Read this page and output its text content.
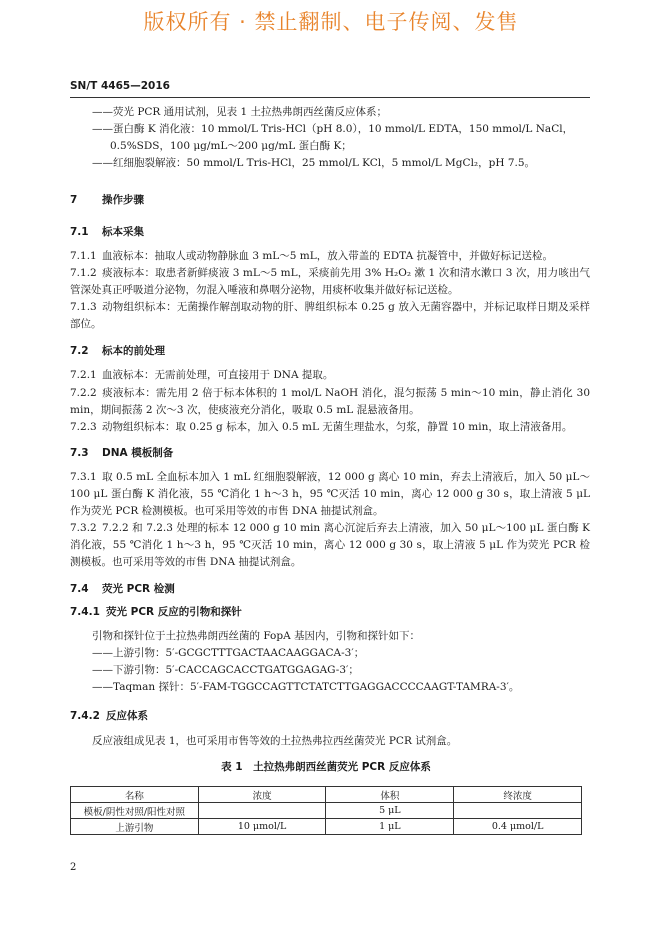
版权所有 · 禁止翻制、电子传阅、发售
SN/T 4465—2016
——荧光 PCR 通用试剂，见表 1 土拉热弗朗西丝菌反应体系；
——蛋白酶 K 消化液：10 mmol/L Tris-HCl（pH 8.0），10 mmol/L EDTA，150 mmol/L NaCl，
0.5%SDS，100 μg/mL～200 μg/mL 蛋白酶 K；
——红细胞裂解液：50 mmol/L Tris-HCl，25 mmol/L KCl，5 mmol/L MgCl₂，pH 7.5。
7 操作步骤
7.1 标本采集
7.1.1 血液标本：抽取人或动物静脉血 3 mL～5 mL，放入带盖的 EDTA 抗凝管中，并做好标记送检。
7.1.2 痰液标本：取患者新鲜痰液 3 mL～5 mL，采痰前先用 3% H₂O₂ 漱 1 次和清水漱口 3 次，用力咳出气管深处真正呼吸道分泌物，勿混入唾液和鼻咽分泌物，用痰杯收集并做好标记送检。
7.1.3 动物组织标本：无菌操作解剖取动物的肝、脾组织标本 0.25 g 放入无菌容器中，并标记取样日期及采样部位。
7.2 标本的前处理
7.2.1 血液标本：无需前处理，可直接用于 DNA 提取。
7.2.2 痰液标本：需先用 2 倍于标本体积的 1 mol/L NaOH 消化，混匀振荡 5 min～10 min，静止消化 30 min，期间振荡 2 次～3 次，使痰液充分消化，吸取 0.5 mL 混悬液备用。
7.2.3 动物组织标本：取 0.25 g 标本，加入 0.5 mL 无菌生理盐水，匀浆，静置 10 min，取上清液备用。
7.3 DNA 模板制备
7.3.1 取 0.5 mL 全血标本加入 1 mL 红细胞裂解液，12 000 g 离心 10 min，弃去上清液后，加入 50 μL～100 μL 蛋白酶 K 消化液，55 ℃消化 1 h～3 h，95 ℃灭活 10 min，离心 12 000 g 30 s，取上清液 5 μL 作为荧光 PCR 检测模板。也可采用等效的市售 DNA 抽提试剂盒。
7.3.2 7.2.2 和 7.2.3 处理的标本 12 000 g 10 min 离心沉淀后弃去上清液，加入 50 μL～100 μL 蛋白酶 K 消化液，55 ℃消化 1 h～3 h，95 ℃灭活 10 min，离心 12 000 g 30 s，取上清液 5 μL 作为荧光 PCR 检测模板。也可采用等效的市售 DNA 抽提试剂盒。
7.4 荧光 PCR 检测
7.4.1 荧光 PCR 反应的引物和探针
引物和探针位于土拉热弗朗西丝菌的 FopA 基因内，引物和探针如下：
——上游引物：5′-GCGCTTTGACTAACAAGGACA-3′；
——下游引物：5′-CACCAGCACCTGATGGAGAG-3′；
——Taqman 探针：5′-FAM-TGGCCAGTTCTATCTTGAGGACCCCAAGT-TAMRA-3′。
7.4.2 反应体系
反应液组成见表 1，也可采用市售等效的土拉热弗拉西丝菌荧光 PCR 试剂盒。
表 1　土拉热弗朗西丝菌荧光 PCR 反应体系
名称	浓度	体积	终浓度
模板/阴性对照/阳性对照		5 μL	
上游引物	10 μmol/L	1 μL	0.4 μmol/L
2
